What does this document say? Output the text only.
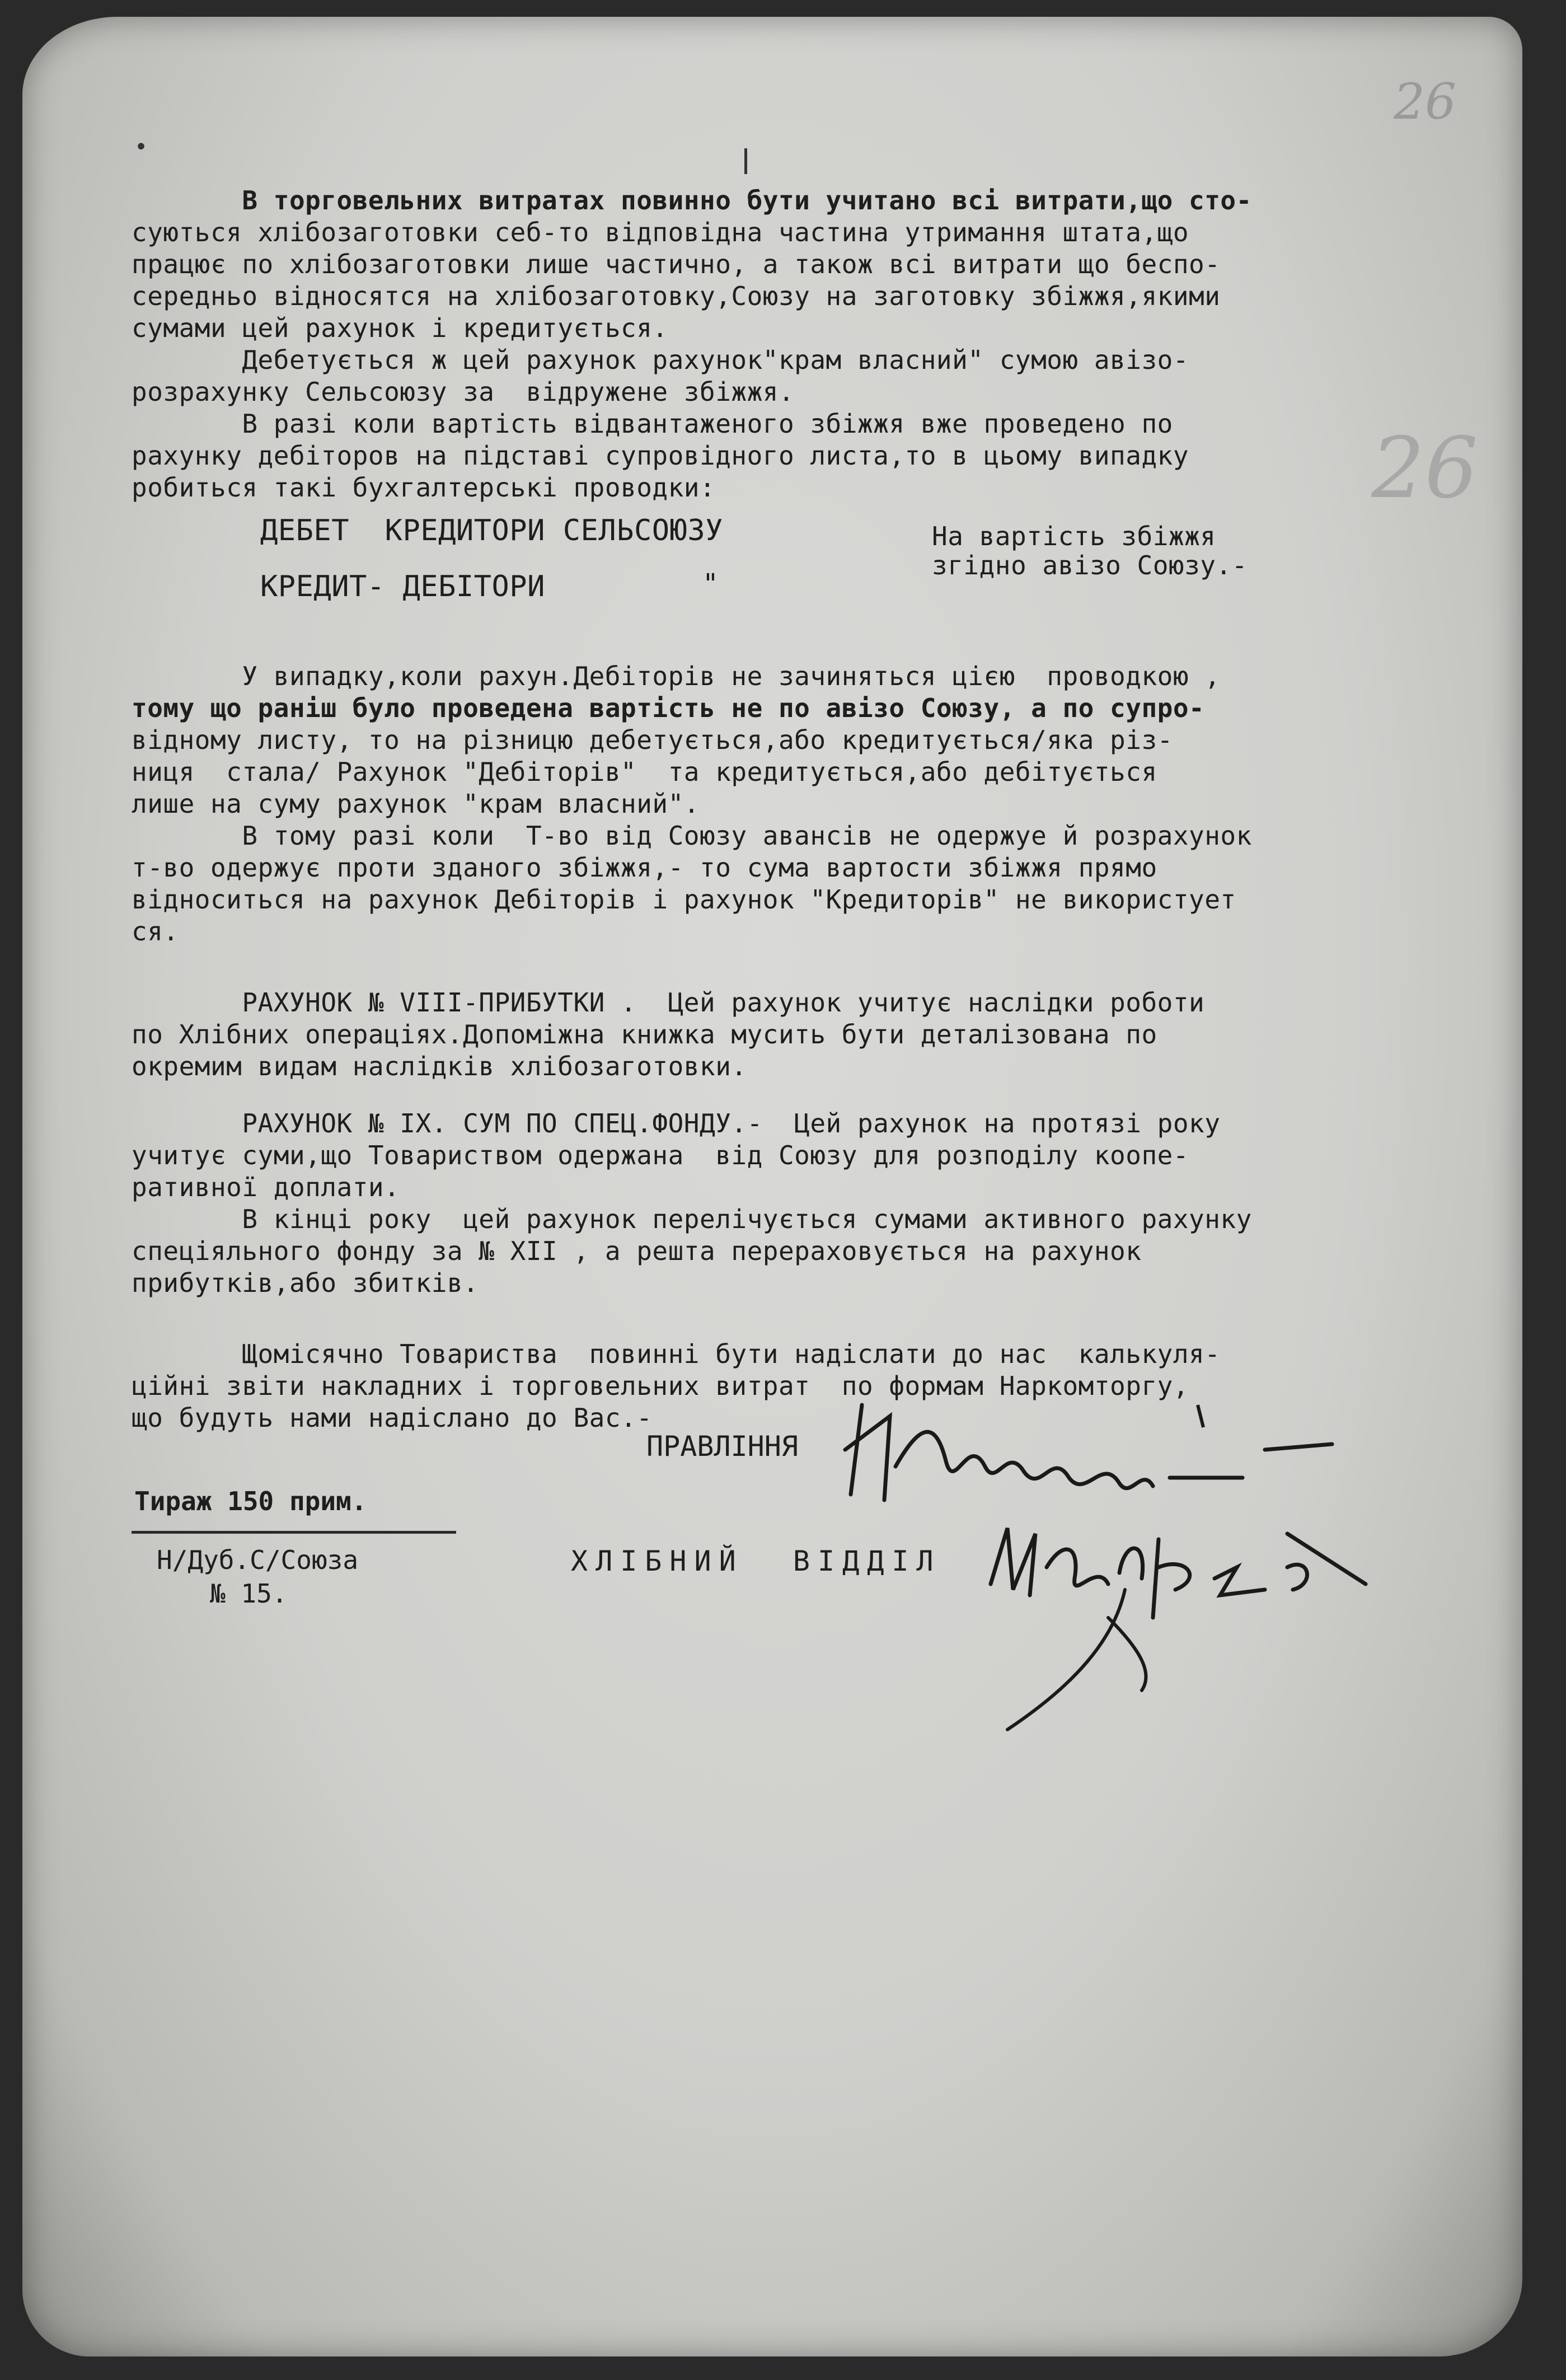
26
26
•
В торговельних витратах повинно бути учитано всі витрати,що сто-
суються хлібозаготовки себ-то відповідна частина утримання штата,що
працює по хлібозаготовки лише частично, а також всі витрати що беспо-
середньо відносятся на хлібозаготовку,Союзу на заготовку збіжжя,якими
сумами цей рахунок і кредитується.
Дебетується ж цей рахунок рахунок"крам власний" сумою авізо-
розрахунку Сельсоюзу за  відружене збіжжя.
В разі коли вартість відвантаженого збіжжя вже проведено по
рахунку дебіторов на підставі супровідного листа,то в цьому випадку
робиться такі бухгалтерські проводки:
ДЕБЕТ  КРЕДИТОРИ СЕЛЬСОЮЗУ
КРЕДИТ- ДЕБІТОРИ	"
На вартість збіжжя
згідно авізо Союзу.-
У випадку,коли рахун.Дебіторів не зачиняться цією  проводкою ,
тому що раніш було проведена вартість не по авізо Союзу, а по супро-
відному листу, то на різницю дебетується,або кредитується/яка різ-
ниця  стала/ Рахунок "Дебіторів"  та кредитується,або дебітується
лише на суму рахунок "крам власний".
В тому разі коли  Т-во від Союзу авансів не одержуе й розрахунок
т-во одержує проти зданого збіжжя,- то сума вартости збіжжя прямо
відноситься на рахунок Дебіторів і рахунок "Кредиторів" не використует
ся.
РАХУНОК № VIII-ПРИБУТКИ .  Цей рахунок учитує наслідки роботи
по Хлібних операціях.Допоміжна книжка мусить бути деталізована по
окремим видам наслідків хлібозаготовки.
РАХУНОК № IX. СУМ ПО СПЕЦ.ФОНДУ.-  Цей рахунок на протязі року
учитує суми,що Товариством одержана  від Союзу для розподілу коопе-
ративної доплати.
В кінці року  цей рахунок перелічується сумами активного рахунку
спеціяльного фонду за № XII , а решта перераховується на рахунок
прибутків,або збитків.
Щомісячно Товариства  повинні бути надіслати до нас  калькуля-
ційні звіти накладних і торговельних витрат  по формам Наркомторгу,
що будуть нами надіслано до Вас.-
ПРАВЛІННЯ
Тираж 150 прим.
Н/Дуб.С/Союза
№ 15.
ХЛІБНИЙ  ВІДДІЛ
